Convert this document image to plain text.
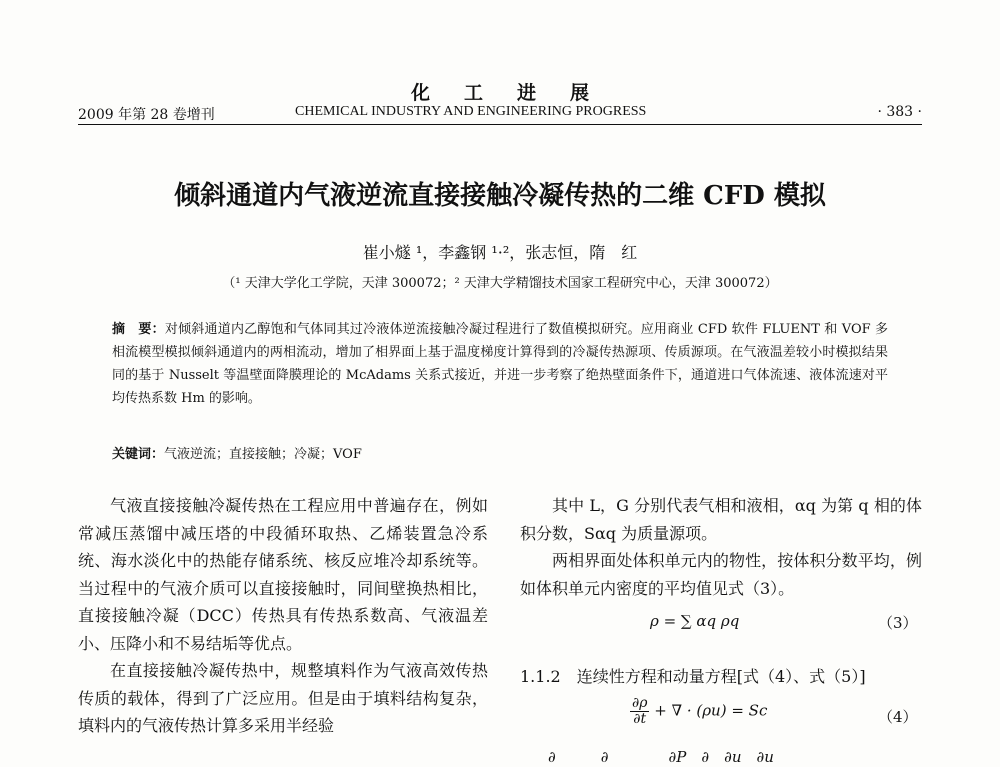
化工进展
2009 年第 28 卷增刊	CHEMICAL INDUSTRY AND ENGINEERING PROGRESS	· 383 ·
倾斜通道内气液逆流直接接触冷凝传热的二维 CFD 模拟
崔小燧 ¹，李鑫钢 ¹·²，张志恒，隋　红
（¹ 天津大学化工学院，天津 300072；² 天津大学精馏技术国家工程研究中心，天津 300072）
摘　要：对倾斜通道内乙醇饱和气体同其过冷液体逆流接触冷凝过程进行了数值模拟研究。应用商业 CFD 软件 FLUENT 和 VOF 多相流模型模拟倾斜通道内的两相流动，增加了相界面上基于温度梯度计算得到的冷凝传热源项、传质源项。在气液温差较小时模拟结果同的基于 Nusselt 等温壁面降膜理论的 McAdams 关系式接近，并进一步考察了绝热壁面条件下，通道进口气体流速、液体流速对平均传热系数 Hm 的影响。
关键词：气液逆流；直接接触；冷凝；VOF

气液直接接触冷凝传热在工程应用中普遍存在，例如常减压蒸馏中减压塔的中段循环取热、乙烯装置急冷系统、海水淡化中的热能存储系统、核反应堆冷却系统等。当过程中的气液介质可以直接接触时，同间壁换热相比，直接接触冷凝（DCC）传热具有传热系数高、气液温差小、压降小和不易结垢等优点。

在直接接触冷凝传热中，规整填料作为气液高效传热传质的载体，得到了广泛应用。但是由于填料结构复杂，填料内的气液传热计算多采用半经验

其中 L，G 分别代表气相和液相，αq 为第 q 相的体积分数，Sαq 为质量源项。

两相界面处体积单元内的物性，按体积分数平均，例如体积单元内密度的平均值见式（3）。

ρ = ∑ αq ρq	（3）
1.1.2　连续性方程和动量方程[式（4）、式（5）]
$\frac{\partial\rho}{\partial t}$ + ∇ · (ρu) = Sc	（4）
∂　　　∂　　　　∂P　∂　∂u　∂u
